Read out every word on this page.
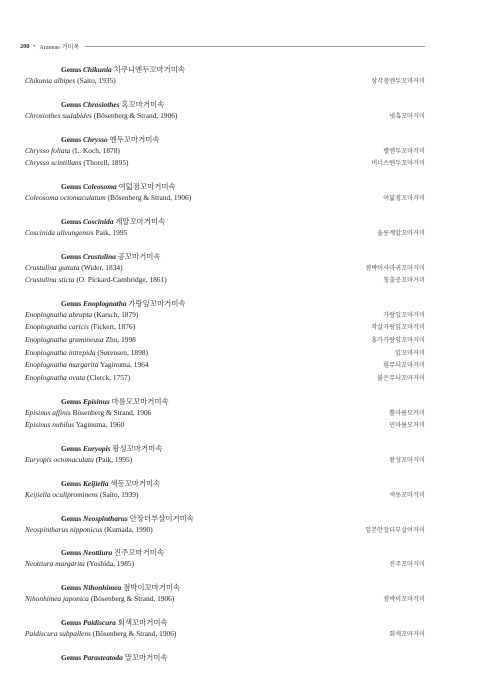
200 • Araneae 거미목
Genus Chikunia 치쿠니엔두꼬마거미속
Chikunia albipes (Saito, 1935)	삼각점엔두꼬마거미
Genus Chrosiothes 혹꼬마거미속
Chrosiothes sudabides (Bösenberg & Strand, 1906)	넷혹꼬마거미
Genus Chrysso 엔두꼬마거미속
Chrysso foliata (L. Koch, 1878)	별엔두꼬마거미
Chrysso scintillans (Thorell, 1895)	버너스엔두꼬마거미
Genus Coleosoma 여덟점꼬마거미속
Coleosoma octomaculatum (Bösenberg & Strand, 1906)	여덟점꼬마거미
Genus Coscinida 계알꼬마거미속
Coscinida ulleungensis Paik, 1995	울릉계알꼬마거미
Genus Crustulina 공꼬마거미속
Crustulina guttata (Wider, 1834)	점박이사마귀꼬마거미
Crustulina sticta (O. Pickard-Cambridge, 1861)	칭출공꼬마거미
Genus Enoplognatha 가랑잎꼬마거미속
Enoplognatha abrupta (Karsch, 1879)	가랑잎꼬마거미
Enoplognatha caricis (Fickert, 1876)	작살가랑잎꼬마거미
Enoplognatha gramineusa Zhu, 1998	홍가가랑잎꼬마거미
Enoplognatha intrepida (Sørensen, 1898)	잎꼬마거미
Enoplognatha margarita Yaginuma, 1964	흰무늬꼬마거미
Enoplognatha ovata (Clerck, 1757)	붉은무늬꼬마거미
Genus Episinus 마름모꼬마거미속
Episinus affinis Bösenberg & Strand, 1906	뿔마름모거미
Episinus nubilus Yaginuma, 1960	민마름모거미
Genus Euryopis 왕성꼬마거미속
Euryopis octomaculata (Paik, 1995)	왕성꼬마거미
Genus Keijiella 색동꼬마거미속
Keijiella oculiprominens (Saito, 1939)	색동꼬마거미
Genus Neospintharus 안장더부살이거미속
Neospintharus nipponicus (Kumada, 1990)	일본안장더부살이거미
Genus Neottiura 진주꼬마거미속
Neottiura margarita (Yoshida, 1985)	진주꼬마거미
Genus Nihonhimea 점박이꼬마거미속
Nihonhimea japonica (Bösenberg & Strand, 1906)	점박이꼬마거미
Genus Paidiscura 회색꼬마거미속
Paidiscura subpallens (Bösenberg & Strand, 1906)	회색꼬마거미
Genus Parasteatoda 말꼬마거미속
